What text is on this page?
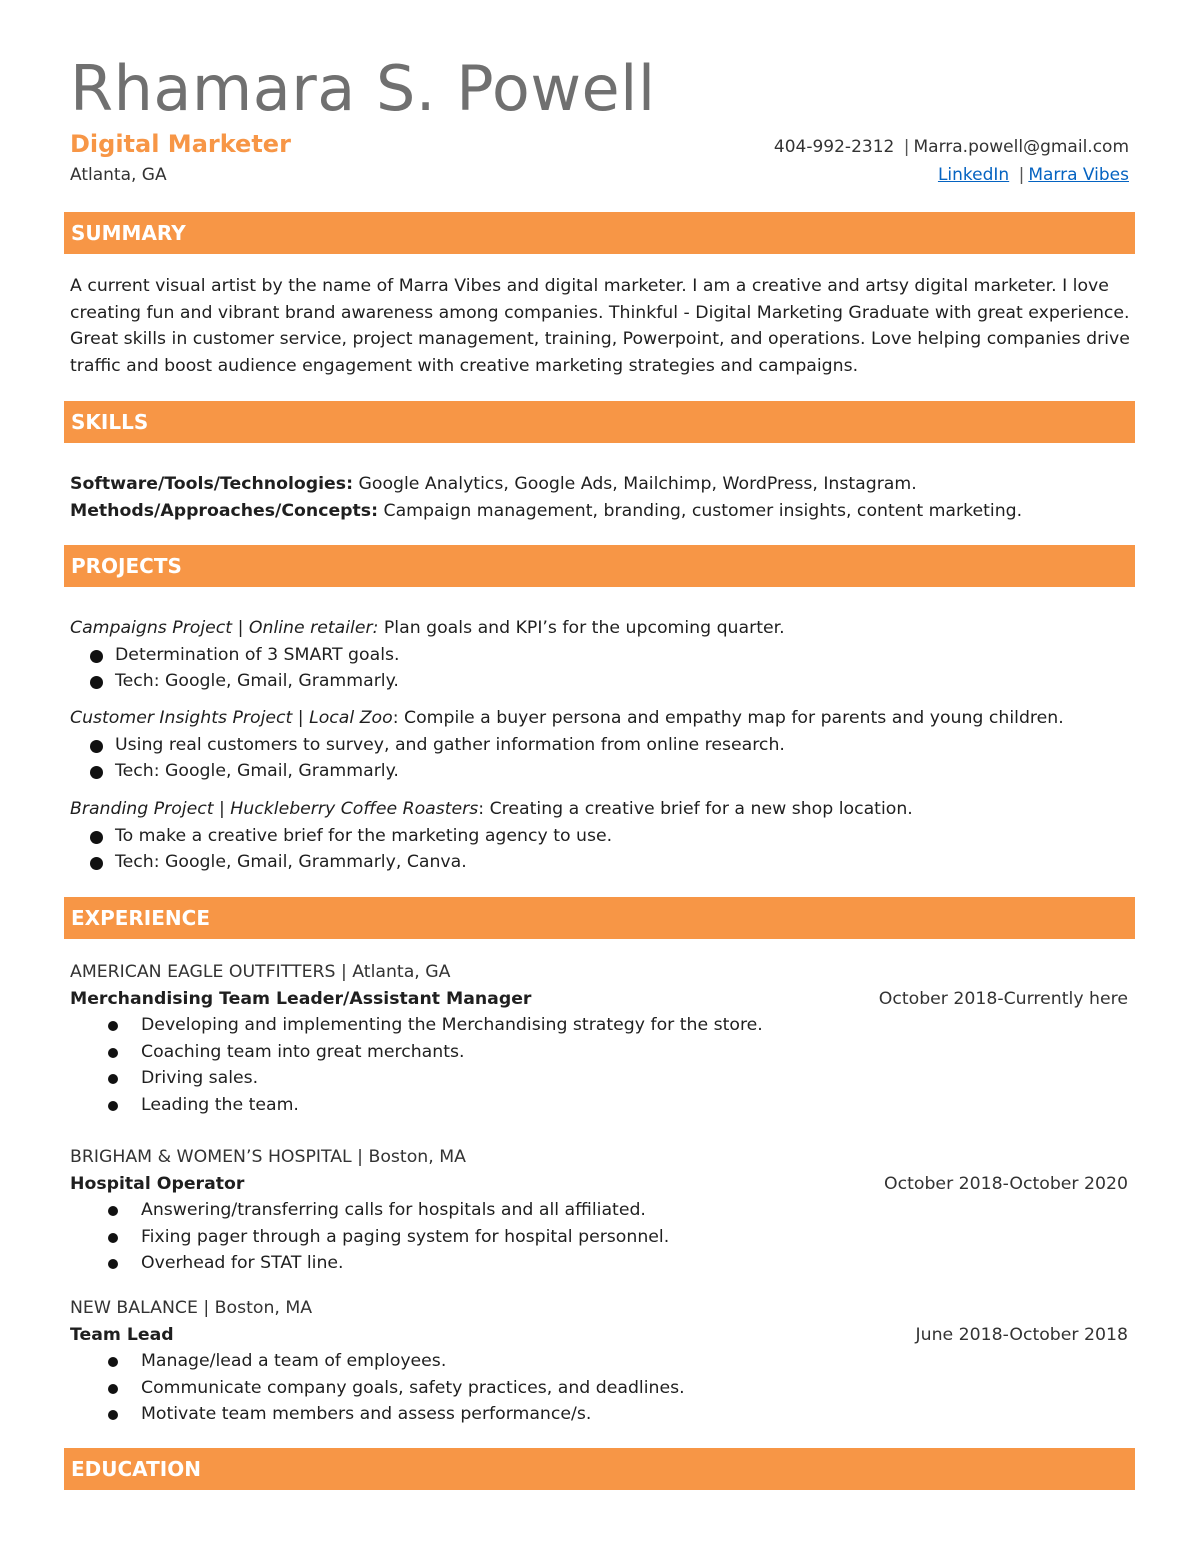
Rhamara S. Powell
Digital Marketer
Atlanta, GA
404-992-2312 | Marra.powell@gmail.com
LinkedIn | Marra Vibes
SUMMARY
A current visual artist by the name of Marra Vibes and digital marketer. I am a creative and artsy digital marketer. I love creating fun and vibrant brand awareness among companies. Thinkful - Digital Marketing Graduate with great experience. Great skills in customer service, project management, training, Powerpoint, and operations. Love helping companies drive traffic and boost audience engagement with creative marketing strategies and campaigns.
SKILLS
Software/Tools/Technologies: Google Analytics, Google Ads, Mailchimp, WordPress, Instagram.
Methods/Approaches/Concepts: Campaign management, branding, customer insights, content marketing.
PROJECTS
Campaigns Project | Online retailer: Plan goals and KPI’s for the upcoming quarter.
Determination of 3 SMART goals.
Tech: Google, Gmail, Grammarly.
Customer Insights Project | Local Zoo: Compile a buyer persona and empathy map for parents and young children.
Using real customers to survey, and gather information from online research.
Tech: Google, Gmail, Grammarly.
Branding Project | Huckleberry Coffee Roasters: Creating a creative brief for a new shop location.
To make a creative brief for the marketing agency to use.
Tech: Google, Gmail, Grammarly, Canva.
EXPERIENCE
AMERICAN EAGLE OUTFITTERS | Atlanta, GA
Merchandising Team Leader/Assistant Manager	October 2018-Currently here
Developing and implementing the Merchandising strategy for the store.
Coaching team into great merchants.
Driving sales.
Leading the team.
BRIGHAM & WOMEN’S HOSPITAL | Boston, MA
Hospital Operator	October 2018-October 2020
Answering/transferring calls for hospitals and all affiliated.
Fixing pager through a paging system for hospital personnel.
Overhead for STAT line.
NEW BALANCE | Boston, MA
Team Lead	June 2018-October 2018
Manage/lead a team of employees.
Communicate company goals, safety practices, and deadlines.
Motivate team members and assess performance/s.
EDUCATION
